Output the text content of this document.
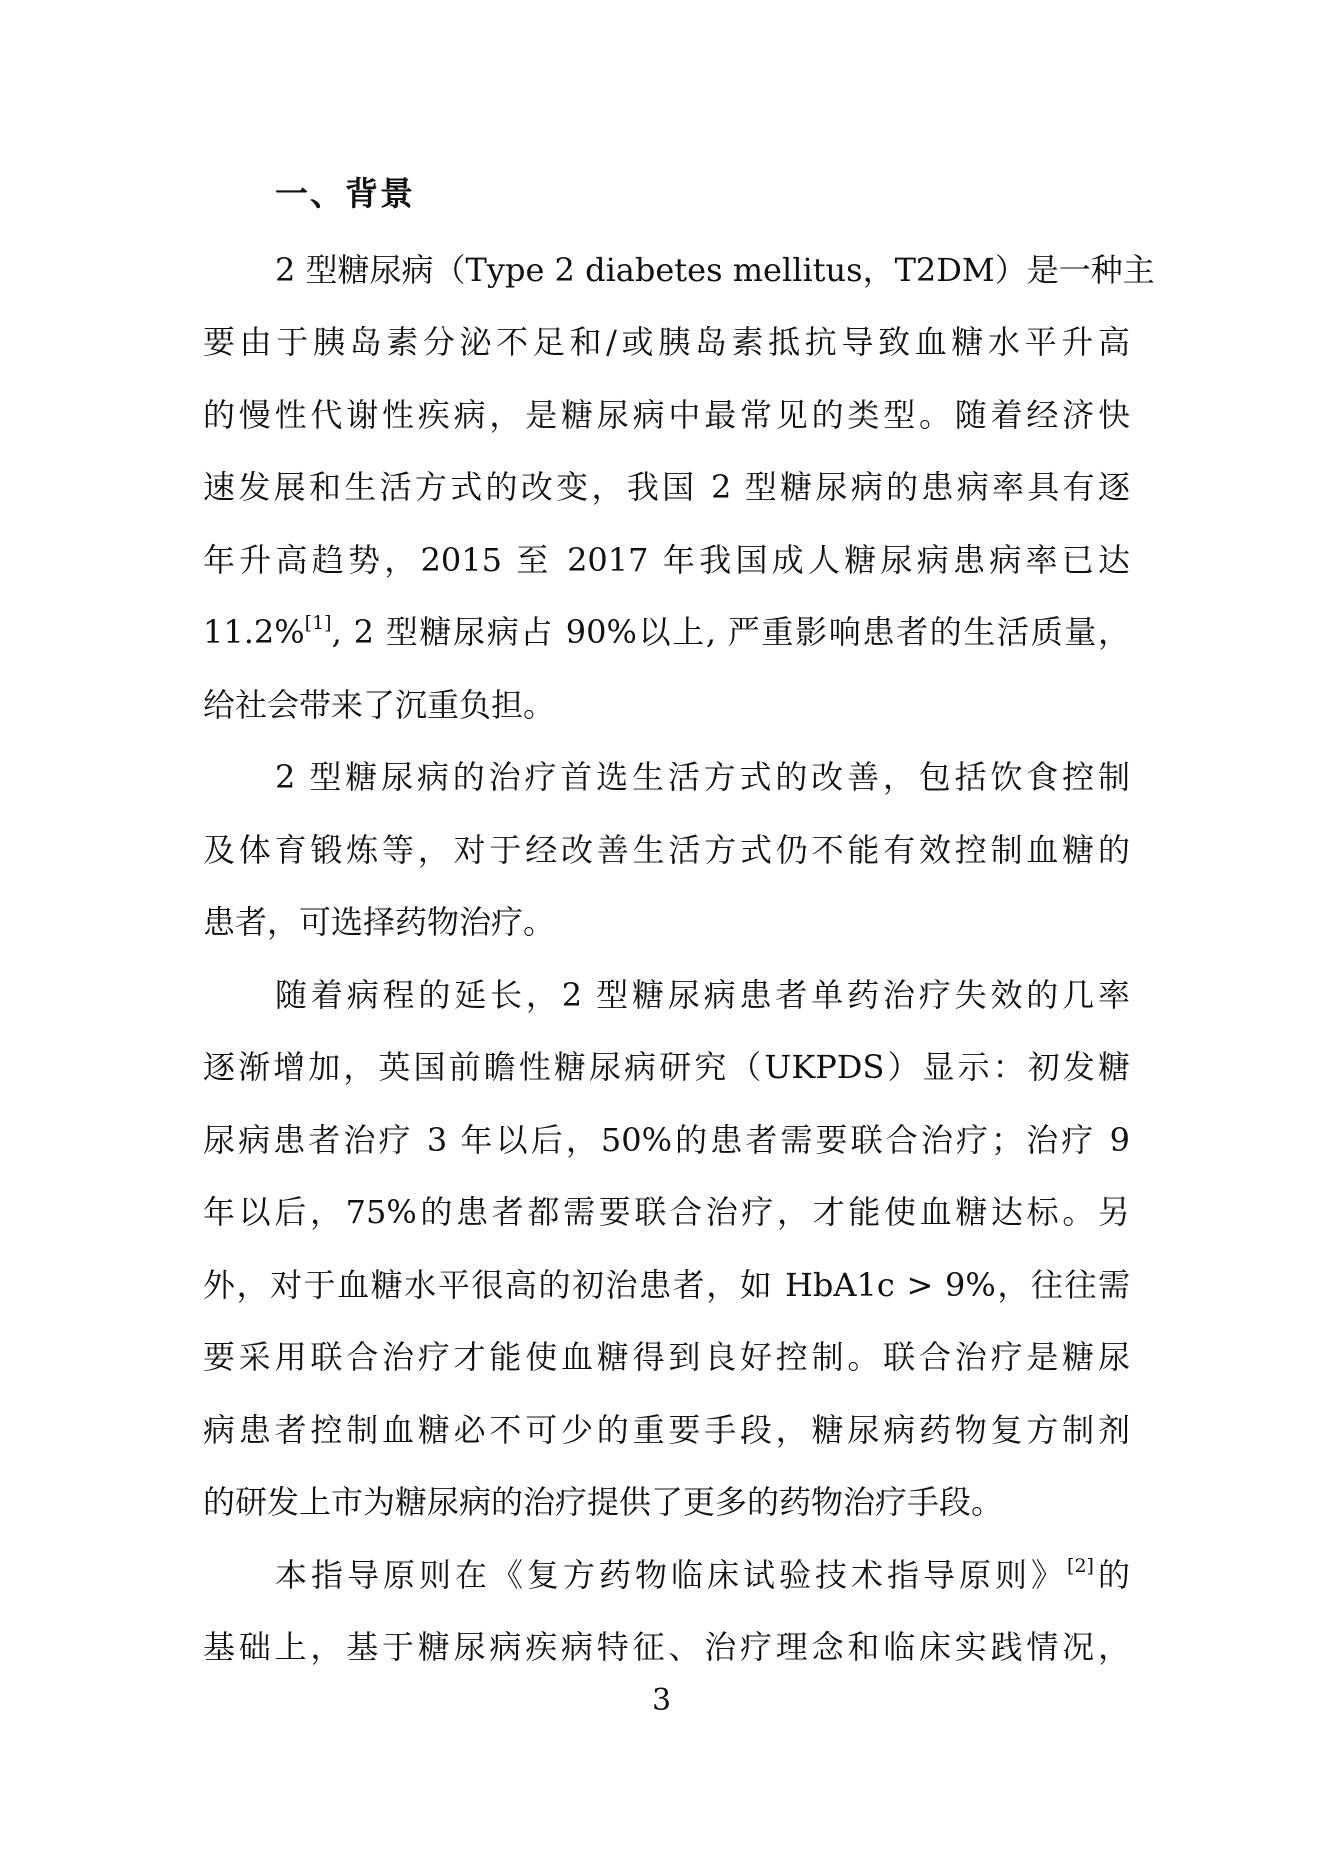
一、背景
2 型糖尿病（Type 2 diabetes mellitus，T2DM）是一种主
要由于胰岛素分泌不足和/或胰岛素抵抗导致血糖水平升高
的慢性代谢性疾病，是糖尿病中最常见的类型。随着经济快
速发展和生活方式的改变，我国 2 型糖尿病的患病率具有逐
年升高趋势，2015 至 2017 年我国成人糖尿病患病率已达
11.2%[1], 2 型糖尿病占 90%以上, 严重影响患者的生活质量，
给社会带来了沉重负担。
2 型糖尿病的治疗首选生活方式的改善，包括饮食控制
及体育锻炼等，对于经改善生活方式仍不能有效控制血糖的
患者，可选择药物治疗。
随着病程的延长，2 型糖尿病患者单药治疗失效的几率
逐渐增加，英国前瞻性糖尿病研究（UKPDS）显示：初发糖
尿病患者治疗 3 年以后，50%的患者需要联合治疗；治疗 9
年以后，75%的患者都需要联合治疗，才能使血糖达标。另
外，对于血糖水平很高的初治患者，如 HbA1c > 9%，往往需
要采用联合治疗才能使血糖得到良好控制。联合治疗是糖尿
病患者控制血糖必不可少的重要手段，糖尿病药物复方制剂
的研发上市为糖尿病的治疗提供了更多的药物治疗手段。
本指导原则在《复方药物临床试验技术指导原则》[2]的
基础上，基于糖尿病疾病特征、治疗理念和临床实践情况，
3
